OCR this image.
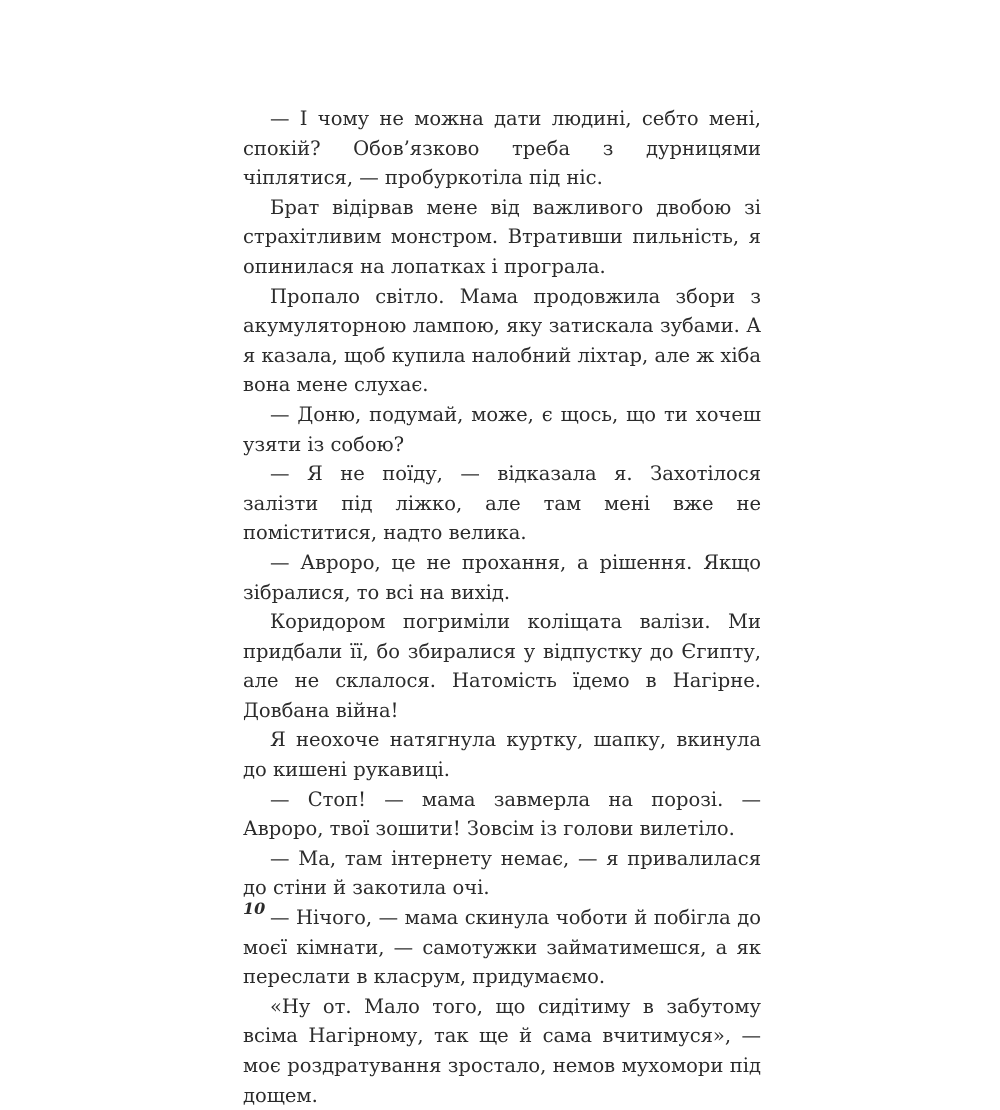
— І чому не можна дати людині, себто мені, спокій? Обов’язково треба з дурницями чіплятися, — пробуркотіла під ніс.

Брат відірвав мене від важливого двобою зі страхітливим монстром. Втративши пильність, я опинилася на лопатках і програла.

Пропало світло. Мама продовжила збори з акумуляторною лампою, яку затискала зубами. А я казала, щоб купила налобний ліхтар, але ж хіба вона мене слухає.

— Доню, подумай, може, є щось, що ти хочеш узяти із собою?

— Я не поїду, — відказала я. Захотілося залізти під ліжко, але там мені вже не поміститися, надто велика.

— Аврoро, це не прохання, а рішення. Якщо зібралися, то всі на вихід.

Коридором погриміли коліщата валізи. Ми придбали її, бо збиралися у відпустку до Єгипту, але не склалося. Натомість їдемо в Нагірне. Довбана війна!

Я неохоче натягнула куртку, шапку, вкинула до кишені рукавиці.

— Стоп! — мама завмерла на порозі. — Аврoро, твої зошити! Зовсім із голови вилетіло.

— Ма, там інтернету немає, — я привалилася до стіни й закотила очі.

— Нічого, — мама скинула чоботи й побігла до моєї кімнати, — самотужки займатимешся, а як переслати в класрум, придумаємо.

«Ну от. Мало того, що сидітиму в забутому всіма Нагірному, так ще й сама вчитимуся», — моє роздратування зростало, немов мухомори під дощем.

10
